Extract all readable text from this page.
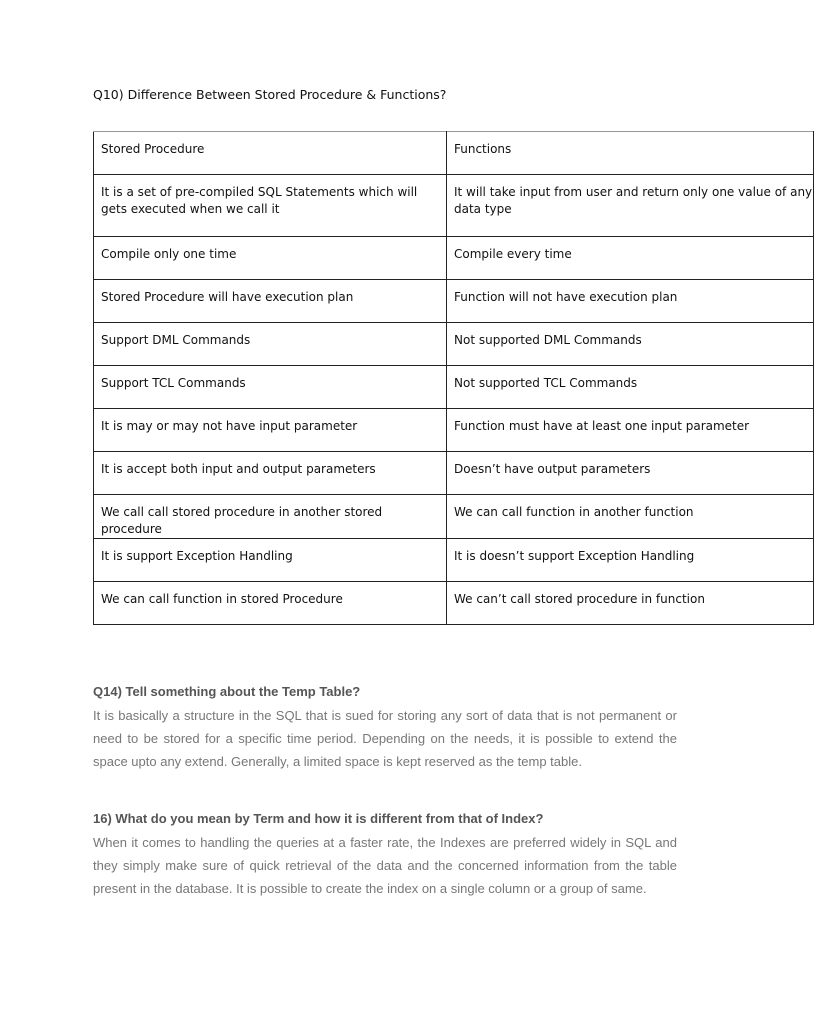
Q10) Difference Between Stored Procedure & Functions?
Stored Procedure	Functions
It is a set of pre-compiled SQL Statements which will gets executed when we call it	It will take input from user and return only one value of any data type
Compile only one time	Compile every time
Stored Procedure will have execution plan	Function will not have execution plan
Support DML Commands	Not supported DML Commands
Support TCL Commands	Not supported TCL Commands
It is may or may not have input parameter	Function must have at least one input parameter
It is accept both input and output parameters	Doesn’t have output parameters
We call call stored procedure in another stored procedure	We can call function in another function
It is support Exception Handling	It is doesn’t support Exception Handling
We can call function in stored Procedure	We can’t call stored procedure in function

Q14) Tell something about the Temp Table?

It is basically a structure in the SQL that is sued for storing any sort of data that is not permanent or need to be stored for a specific time period. Depending on the needs, it is possible to extend the space upto any extend. Generally, a limited space is kept reserved as the temp table.

16) What do you mean by Term and how it is different from that of Index?

When it comes to handling the queries at a faster rate, the Indexes are preferred widely in SQL and they simply make sure of quick retrieval of the data and the concerned information from the table present in the database. It is possible to create the index on a single column or a group of same.
